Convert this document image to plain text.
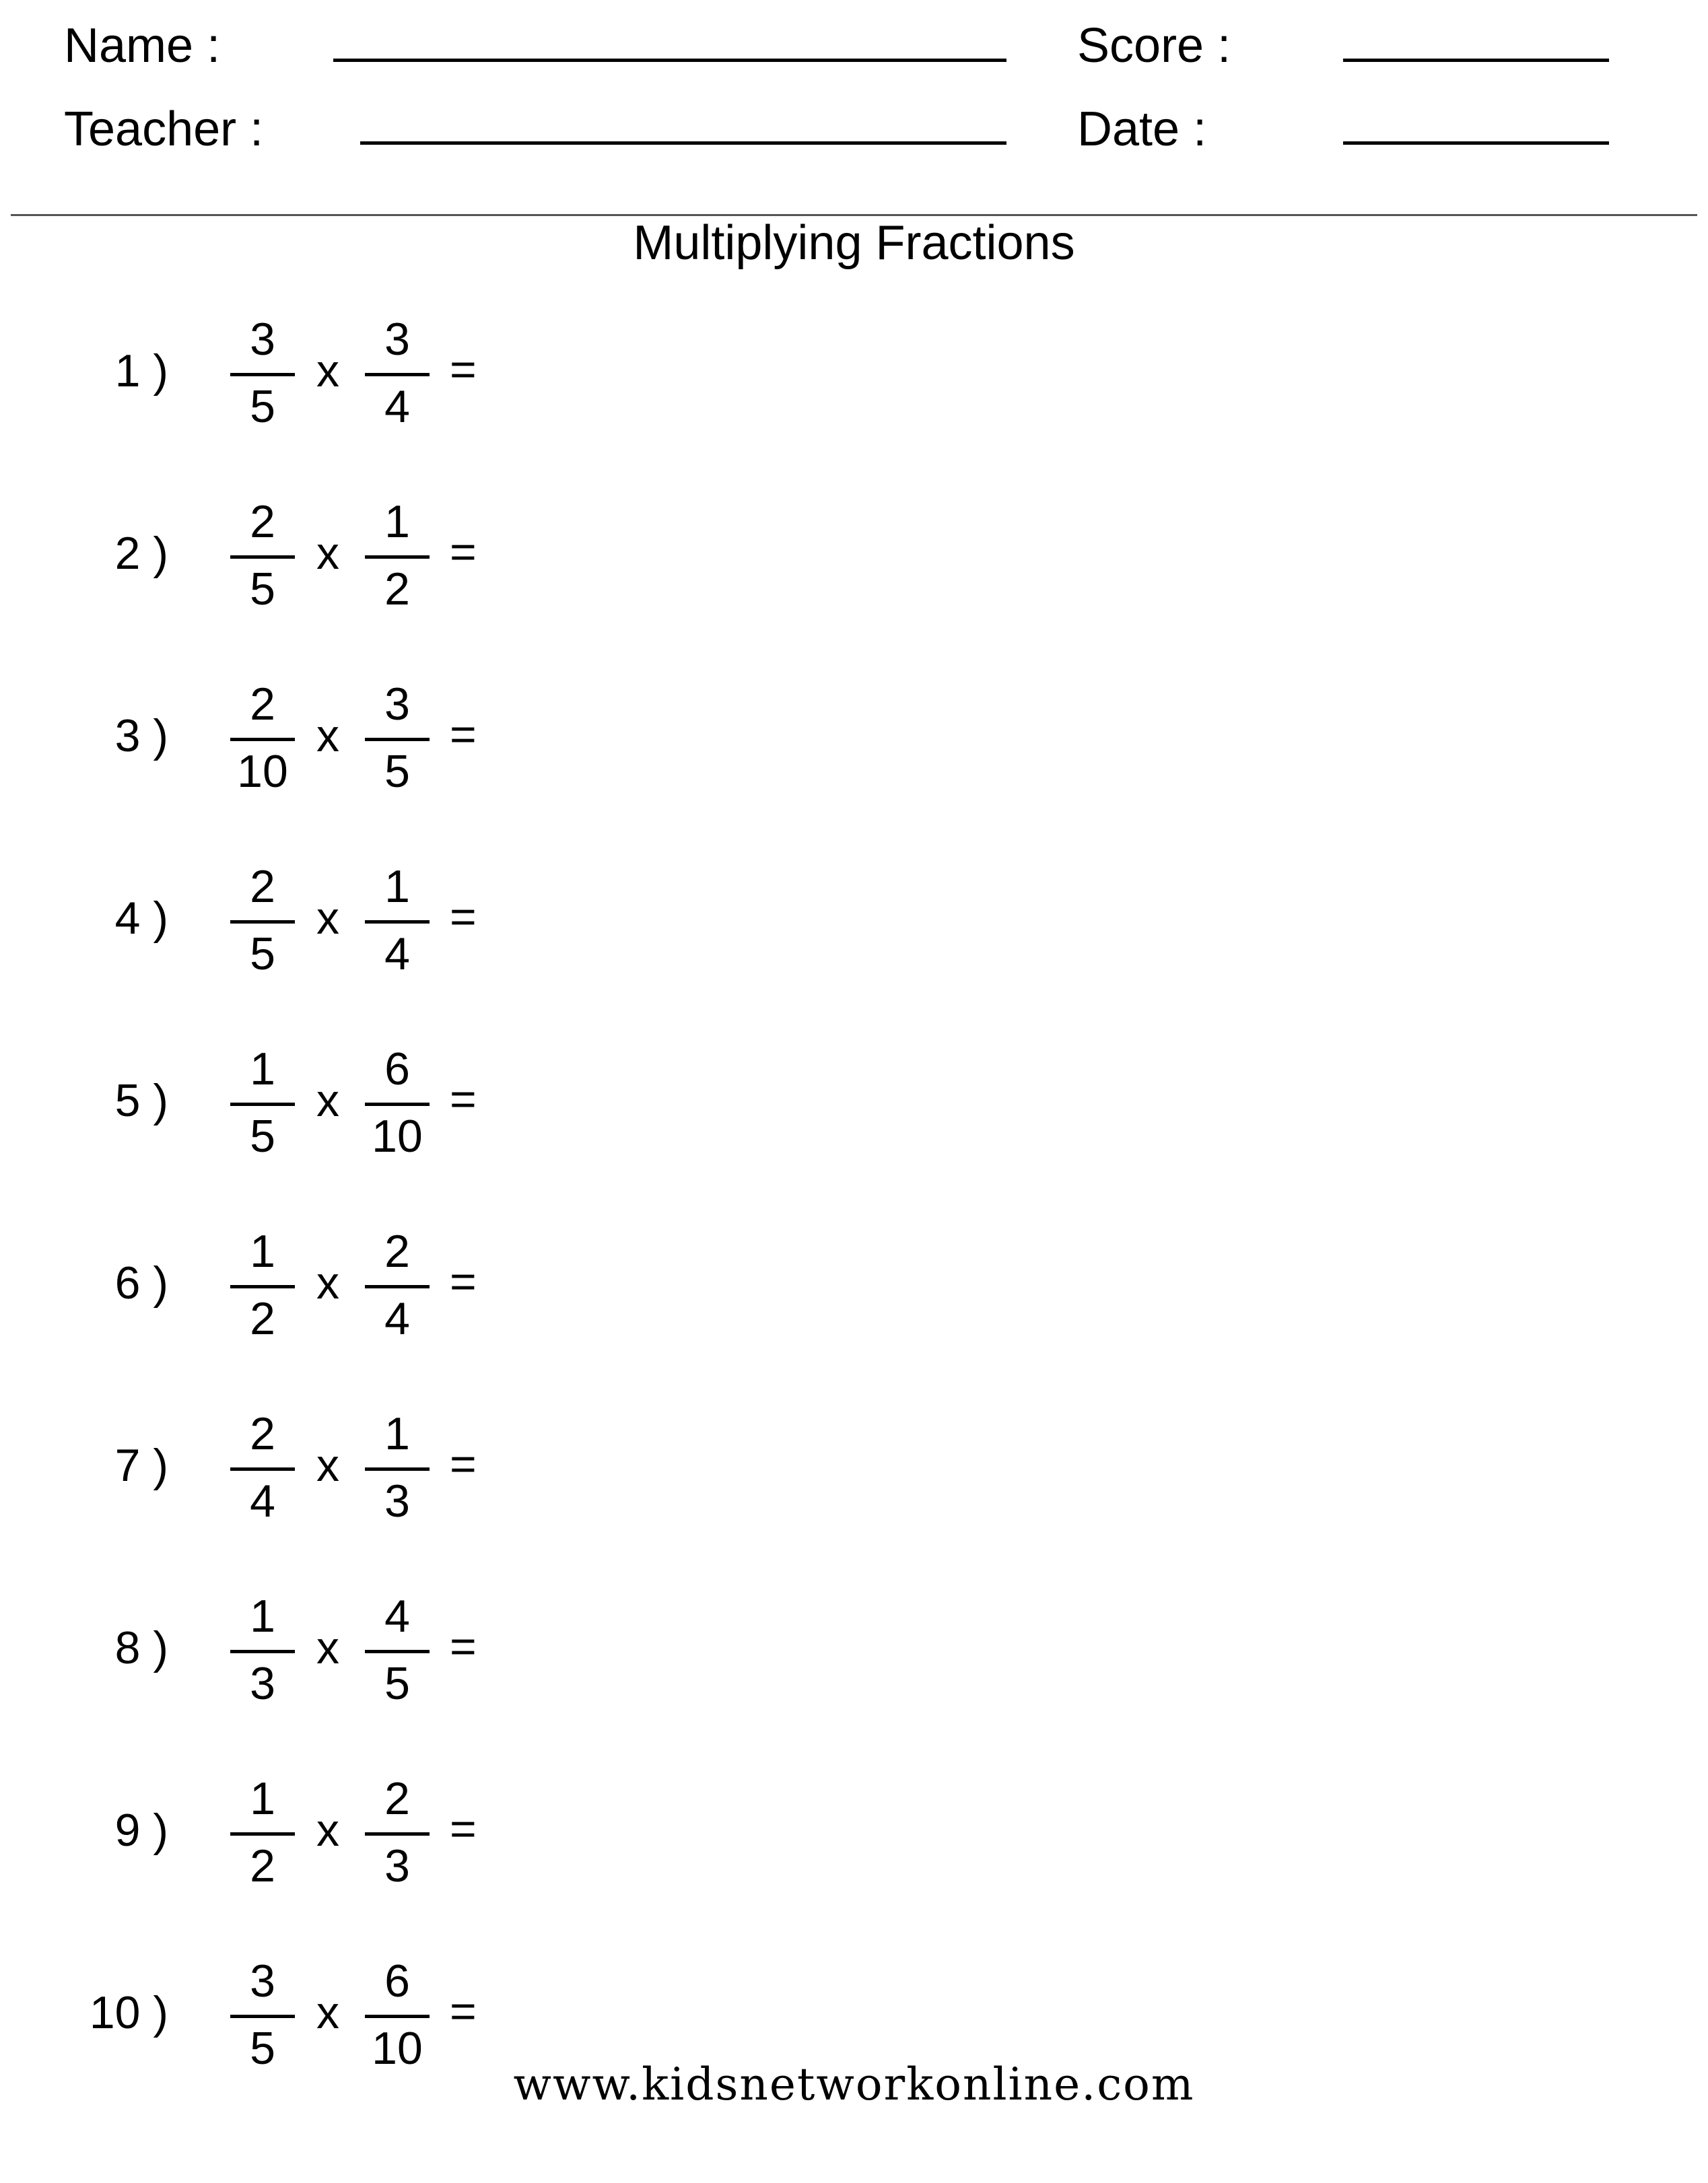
Name :
Teacher :
Score :
Date :
Multiplying Fractions
1 )
3
5
x
3
4
=
2 )
2
5
x
1
2
=
3 )
2
10
x
3
5
=
4 )
2
5
x
1
4
=
5 )
1
5
x
6
10
=
6 )
1
2
x
2
4
=
7 )
2
4
x
1
3
=
8 )
1
3
x
4
5
=
9 )
1
2
x
2
3
=
10 )
3
5
x
6
10
=
www.kidsnetworkonline.com
